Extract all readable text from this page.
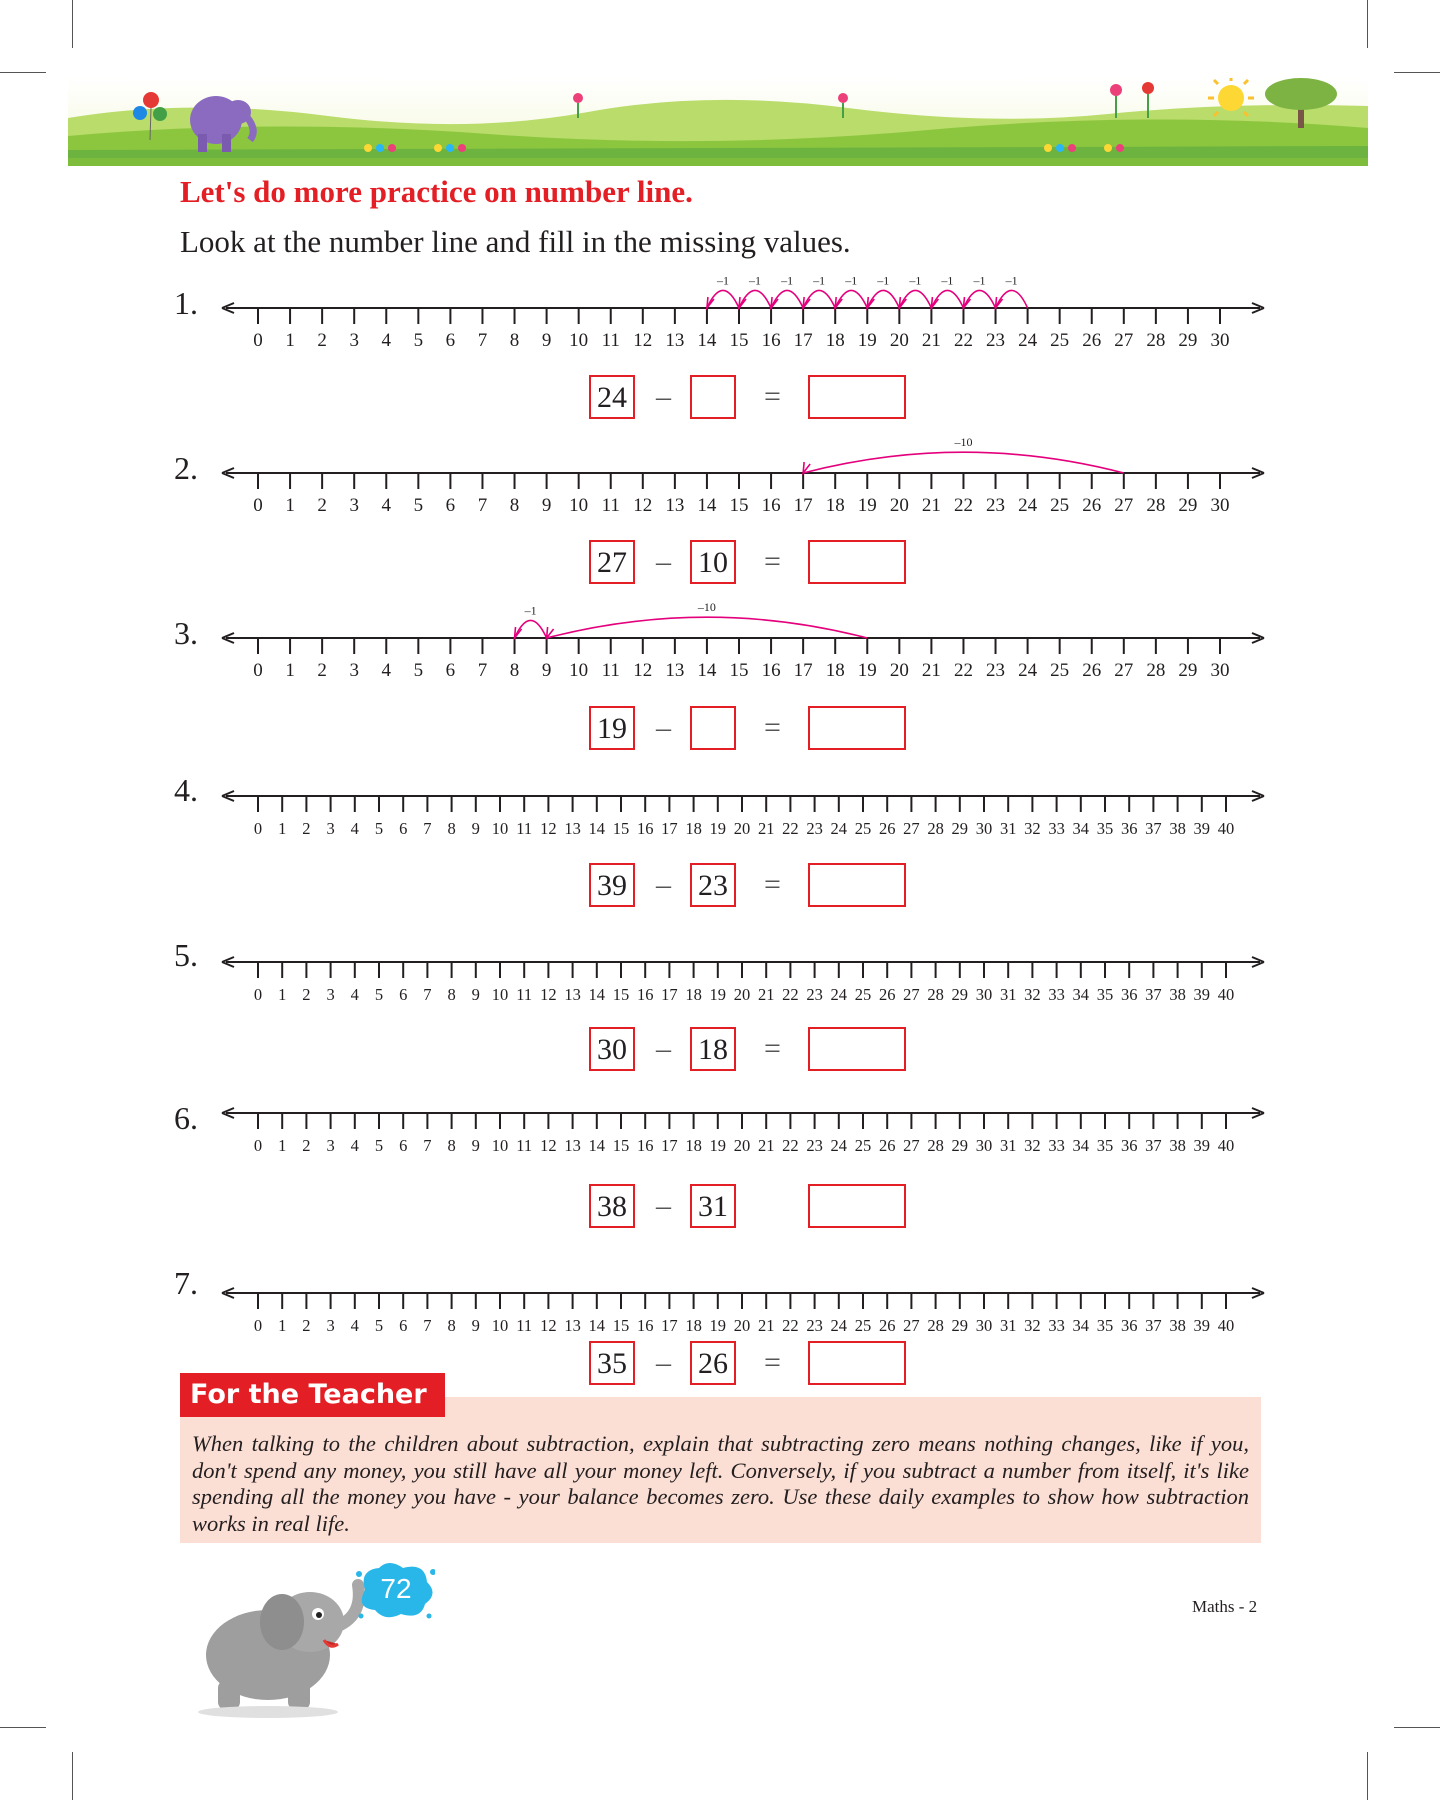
Let's do more practice on number line.
Look at the number line and fill in the missing values.
1.
0 1 2 3 4 5 6 7 8 9 10 11 12 13 14 15 16 17 18 19 20 21 22 23 24 25 26 27 28 29 30
–1
–1
–1
–1
–1
–1
–1
–1
–1
–1
24 –	=
2.
0 1 2 3 4 5 6 7 8 9 10 11 12 13 14 15 16 17 18 19 20 21 22 23 24 25 26 27 28 29 30
–10
27 – 10 =
3.
0 1 2 3 4 5 6 7 8 9 10 11 12 13 14 15 16 17 18 19 20 21 22 23 24 25 26 27 28 29 30
–10
–1
19 –	=
4.
0 1 2 3 4 5 6 7 8 9 10 11 12 13 14 15 16 17 18 19 20 21 22 23 24 25 26 27 28 29 30 31 32 33 34 35 36 37 38 39 40
39 – 23 =
5.
0 1 2 3 4 5 6 7 8 9 10 11 12 13 14 15 16 17 18 19 20 21 22 23 24 25 26 27 28 29 30 31 32 33 34 35 36 37 38 39 40
30 – 18 =
6.
0 1 2 3 4 5 6 7 8 9 10 11 12 13 14 15 16 17 18 19 20 21 22 23 24 25 26 27 28 29 30 31 32 33 34 35 36 37 38 39 40
38 – 31
7.
0 1 2 3 4 5 6 7 8 9 10 11 12 13 14 15 16 17 18 19 20 21 22 23 24 25 26 27 28 29 30 31 32 33 34 35 36 37 38 39 40
35 – 26 =

When talking to the children about subtraction, explain that subtracting zero means nothing changes, like if you, don't spend any money, you still have all your money left. Conversely, if you subtract a number from itself, it's like spending all the money you have - your balance becomes zero. Use these daily examples to show how subtraction works in real life.

For the Teacher
72
Maths - 2
